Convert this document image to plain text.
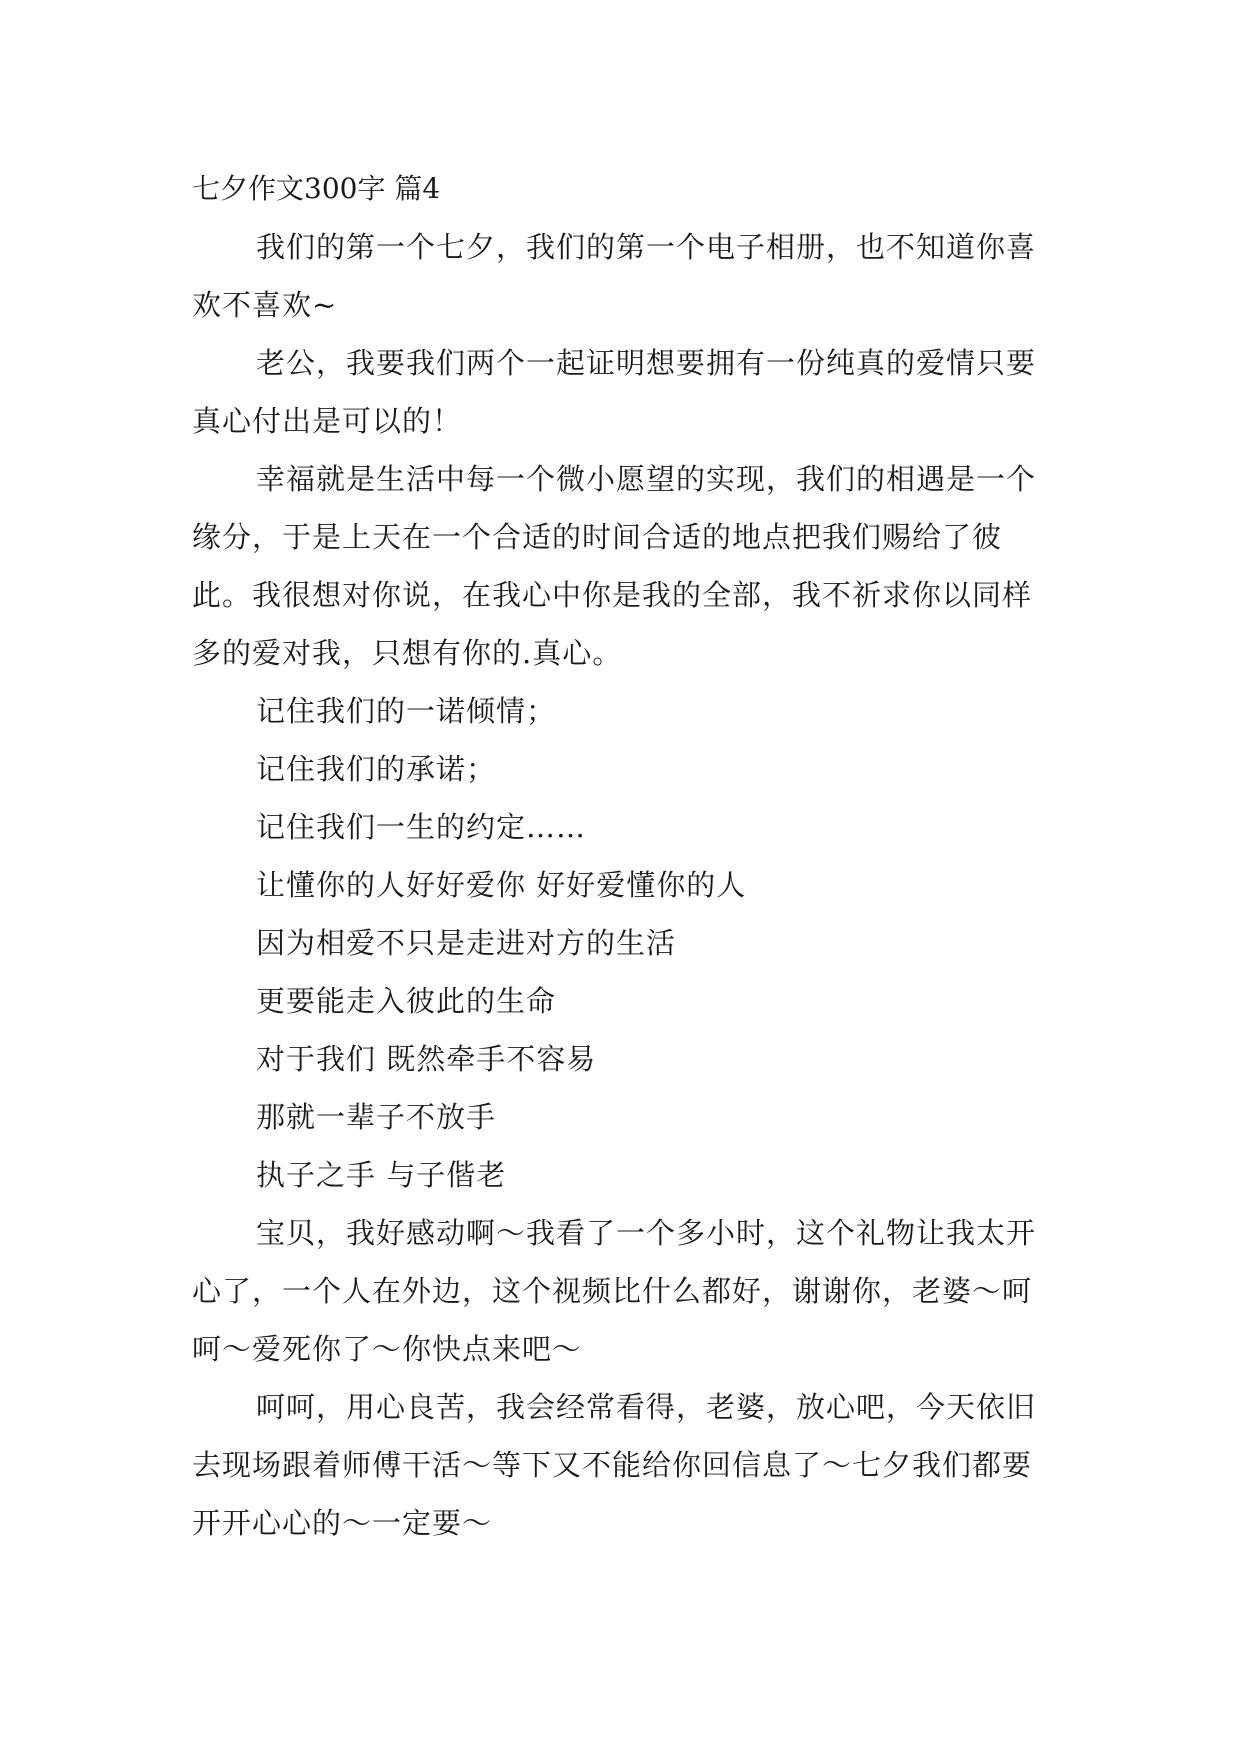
七夕作文300字 篇4

我们的第一个七夕，我们的第一个电子相册，也不知道你喜欢不喜欢~

老公，我要我们两个一起证明想要拥有一份纯真的爱情只要真心付出是可以的！

幸福就是生活中每一个微小愿望的实现，我们的相遇是一个缘分，于是上天在一个合适的时间合适的地点把我们赐给了彼此。我很想对你说，在我心中你是我的全部，我不祈求你以同样多的爱对我，只想有你的.真心。

记住我们的一诺倾情；

记住我们的承诺；

记住我们一生的约定……

让懂你的人好好爱你 好好爱懂你的人

因为相爱不只是走进对方的生活

更要能走入彼此的生命

对于我们 既然牵手不容易

那就一辈子不放手

执子之手 与子偕老

宝贝，我好感动啊～我看了一个多小时，这个礼物让我太开心了，一个人在外边，这个视频比什么都好，谢谢你，老婆～呵呵～爱死你了～你快点来吧～

呵呵，用心良苦，我会经常看得，老婆，放心吧，今天依旧去现场跟着师傅干活～等下又不能给你回信息了～七夕我们都要开开心心的～一定要～
